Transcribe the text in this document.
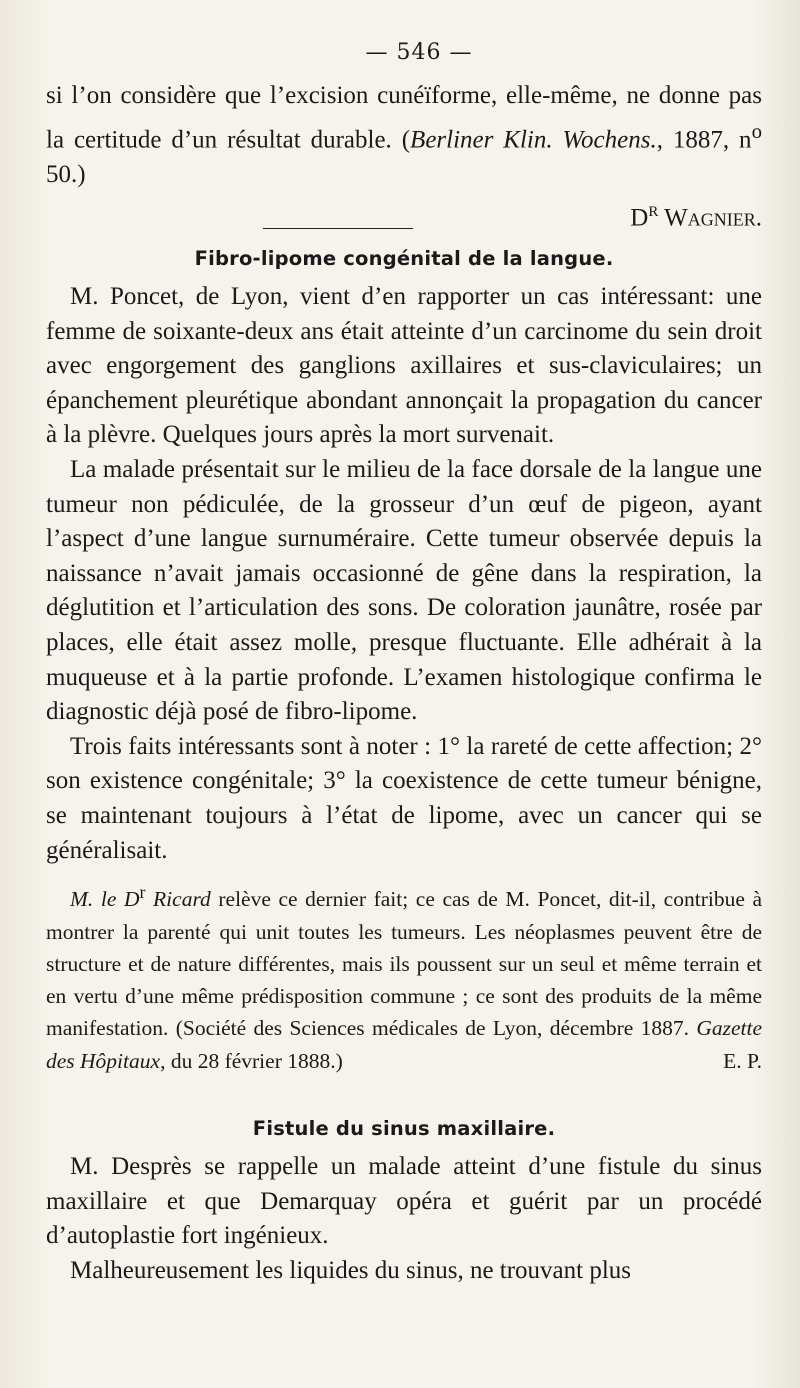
— 546 —

si l’on considère que l’excision cunéïforme, elle-même, ne donne pas la certitude d’un résultat durable. (Berliner Klin. Wochens., 1887, $n^o$ 50.)

$D^r$ Wagnier.
Fibro-lipome congénital de la langue.

M. Poncet, de Lyon, vient d’en rapporter un cas intéressant: une femme de soixante-deux ans était atteinte d’un carcinome du sein droit avec engorgement des ganglions axillaires et sus-claviculaires; un épanchement pleurétique abondant annonçait la propagation du cancer à la plèvre. Quelques jours après la mort survenait.

La malade présentait sur le milieu de la face dorsale de la langue une tumeur non pédiculée, de la grosseur d’un œuf de pigeon, ayant l’aspect d’une langue surnuméraire. Cette tumeur observée depuis la naissance n’avait jamais occasionné de gêne dans la respiration, la déglutition et l’articulation des sons. De coloration jaunâtre, rosée par places, elle était assez molle, presque fluctuante. Elle adhérait à la muqueuse et à la partie profonde. L’examen histologique confirma le diagnostic déjà posé de fibro-lipome.

Trois faits intéressants sont à noter : 1° la rareté de cette affection; 2° son existence congénitale; 3° la coexistence de cette tumeur bénigne, se maintenant toujours à l’état de lipome, avec un cancer qui se généralisait.

M. le $D^r$ Ricard relève ce dernier fait; ce cas de M. Poncet, dit-il, contribue à montrer la parenté qui unit toutes les tumeurs. Les néoplasmes peuvent être de structure et de nature différentes, mais ils poussent sur un seul et même terrain et en vertu d’une même prédisposition commune ; ce sont des produits de la même manifestation. (Société des Sciences médicales de Lyon, décembre 1887. Gazette des Hôpitaux, du 28 février 1888.)	E. P.

Fistule du sinus maxillaire.

M. Desprès se rappelle un malade atteint d’une fistule du sinus maxillaire et que Demarquay opéra et guérit par un procédé d’autoplastie fort ingénieux.

Malheureusement les liquides du sinus, ne trouvant plus
